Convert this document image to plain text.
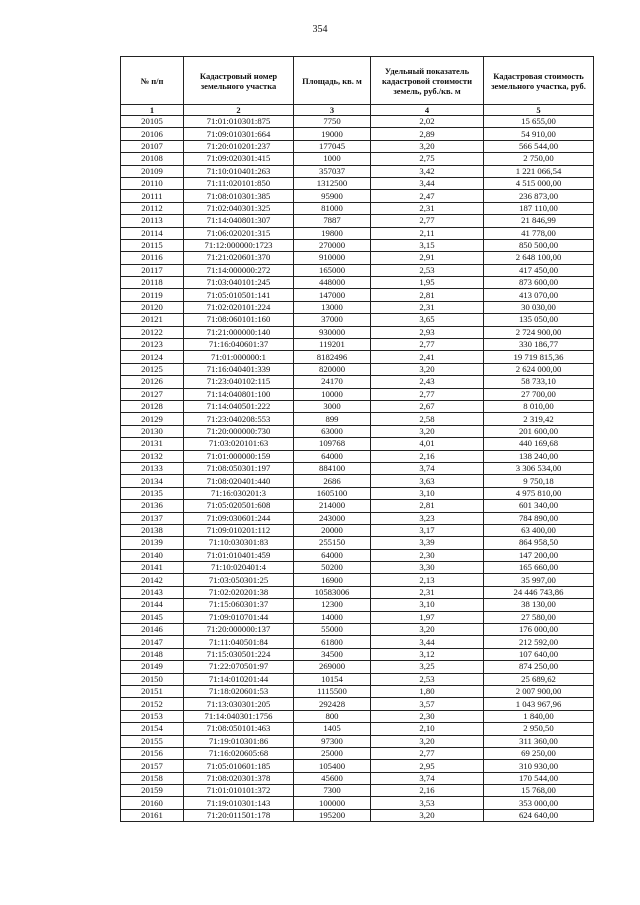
354
№ п/п	Кадастровый номер земельного участка	Площадь, кв. м	Удельный показатель кадастровой стоимости земель, руб./кв. м	Кадастровая стоимость земельного участка, руб.
1	2	3	4	5
20105	71:01:010301:875	7750	2,02	15 655,00
20106	71:09:010301:664	19000	2,89	54 910,00
20107	71:20:010201:237	177045	3,20	566 544,00
20108	71:09:020301:415	1000	2,75	2 750,00
20109	71:10:010401:263	357037	3,42	1 221 066,54
20110	71:11:020101:850	1312500	3,44	4 515 000,00
20111	71:08:010301:385	95900	2,47	236 873,00
20112	71:02:040301:325	81000	2,31	187 110,00
20113	71:14:040801:307	7887	2,77	21 846,99
20114	71:06:020201:315	19800	2,11	41 778,00
20115	71:12:000000:1723	270000	3,15	850 500,00
20116	71:21:020601:370	910000	2,91	2 648 100,00
20117	71:14:000000:272	165000	2,53	417 450,00
20118	71:03:040101:245	448000	1,95	873 600,00
20119	71:05:010501:141	147000	2,81	413 070,00
20120	71:02:020101:224	13000	2,31	30 030,00
20121	71:08:060101:160	37000	3,65	135 050,00
20122	71:21:000000:140	930000	2,93	2 724 900,00
20123	71:16:040601:37	119201	2,77	330 186,77
20124	71:01:000000:1	8182496	2,41	19 719 815,36
20125	71:16:040401:339	820000	3,20	2 624 000,00
20126	71:23:040102:115	24170	2,43	58 733,10
20127	71:14:040801:100	10000	2,77	27 700,00
20128	71:14:040501:222	3000	2,67	8 010,00
20129	71:23:040208:553	899	2,58	2 319,42
20130	71:20:000000:730	63000	3,20	201 600,00
20131	71:03:020101:63	109768	4,01	440 169,68
20132	71:01:000000:159	64000	2,16	138 240,00
20133	71:08:050301:197	884100	3,74	3 306 534,00
20134	71:08:020401:440	2686	3,63	9 750,18
20135	71:16:030201:3	1605100	3,10	4 975 810,00
20136	71:05:020501:608	214000	2,81	601 340,00
20137	71:09:030601:244	243000	3,23	784 890,00
20138	71:09:010201:112	20000	3,17	63 400,00
20139	71:10:030301:83	255150	3,39	864 958,50
20140	71:01:010401:459	64000	2,30	147 200,00
20141	71:10:020401:4	50200	3,30	165 660,00
20142	71:03:050301:25	16900	2,13	35 997,00
20143	71:02:020201:38	10583006	2,31	24 446 743,86
20144	71:15:060301:37	12300	3,10	38 130,00
20145	71:09:010701:44	14000	1,97	27 580,00
20146	71:20:000000:137	55000	3,20	176 000,00
20147	71:11:040501:84	61800	3,44	212 592,00
20148	71:15:030501:224	34500	3,12	107 640,00
20149	71:22:070501:97	269000	3,25	874 250,00
20150	71:14:010201:44	10154	2,53	25 689,62
20151	71:18:020601:53	1115500	1,80	2 007 900,00
20152	71:13:030301:205	292428	3,57	1 043 967,96
20153	71:14:040301:1756	800	2,30	1 840,00
20154	71:08:050101:463	1405	2,10	2 950,50
20155	71:19:010301:86	97300	3,20	311 360,00
20156	71:16:020605:68	25000	2,77	69 250,00
20157	71:05:010601:185	105400	2,95	310 930,00
20158	71:08:020301:378	45600	3,74	170 544,00
20159	71:01:010101:372	7300	2,16	15 768,00
20160	71:19:010301:143	100000	3,53	353 000,00
20161	71:20:011501:178	195200	3,20	624 640,00
